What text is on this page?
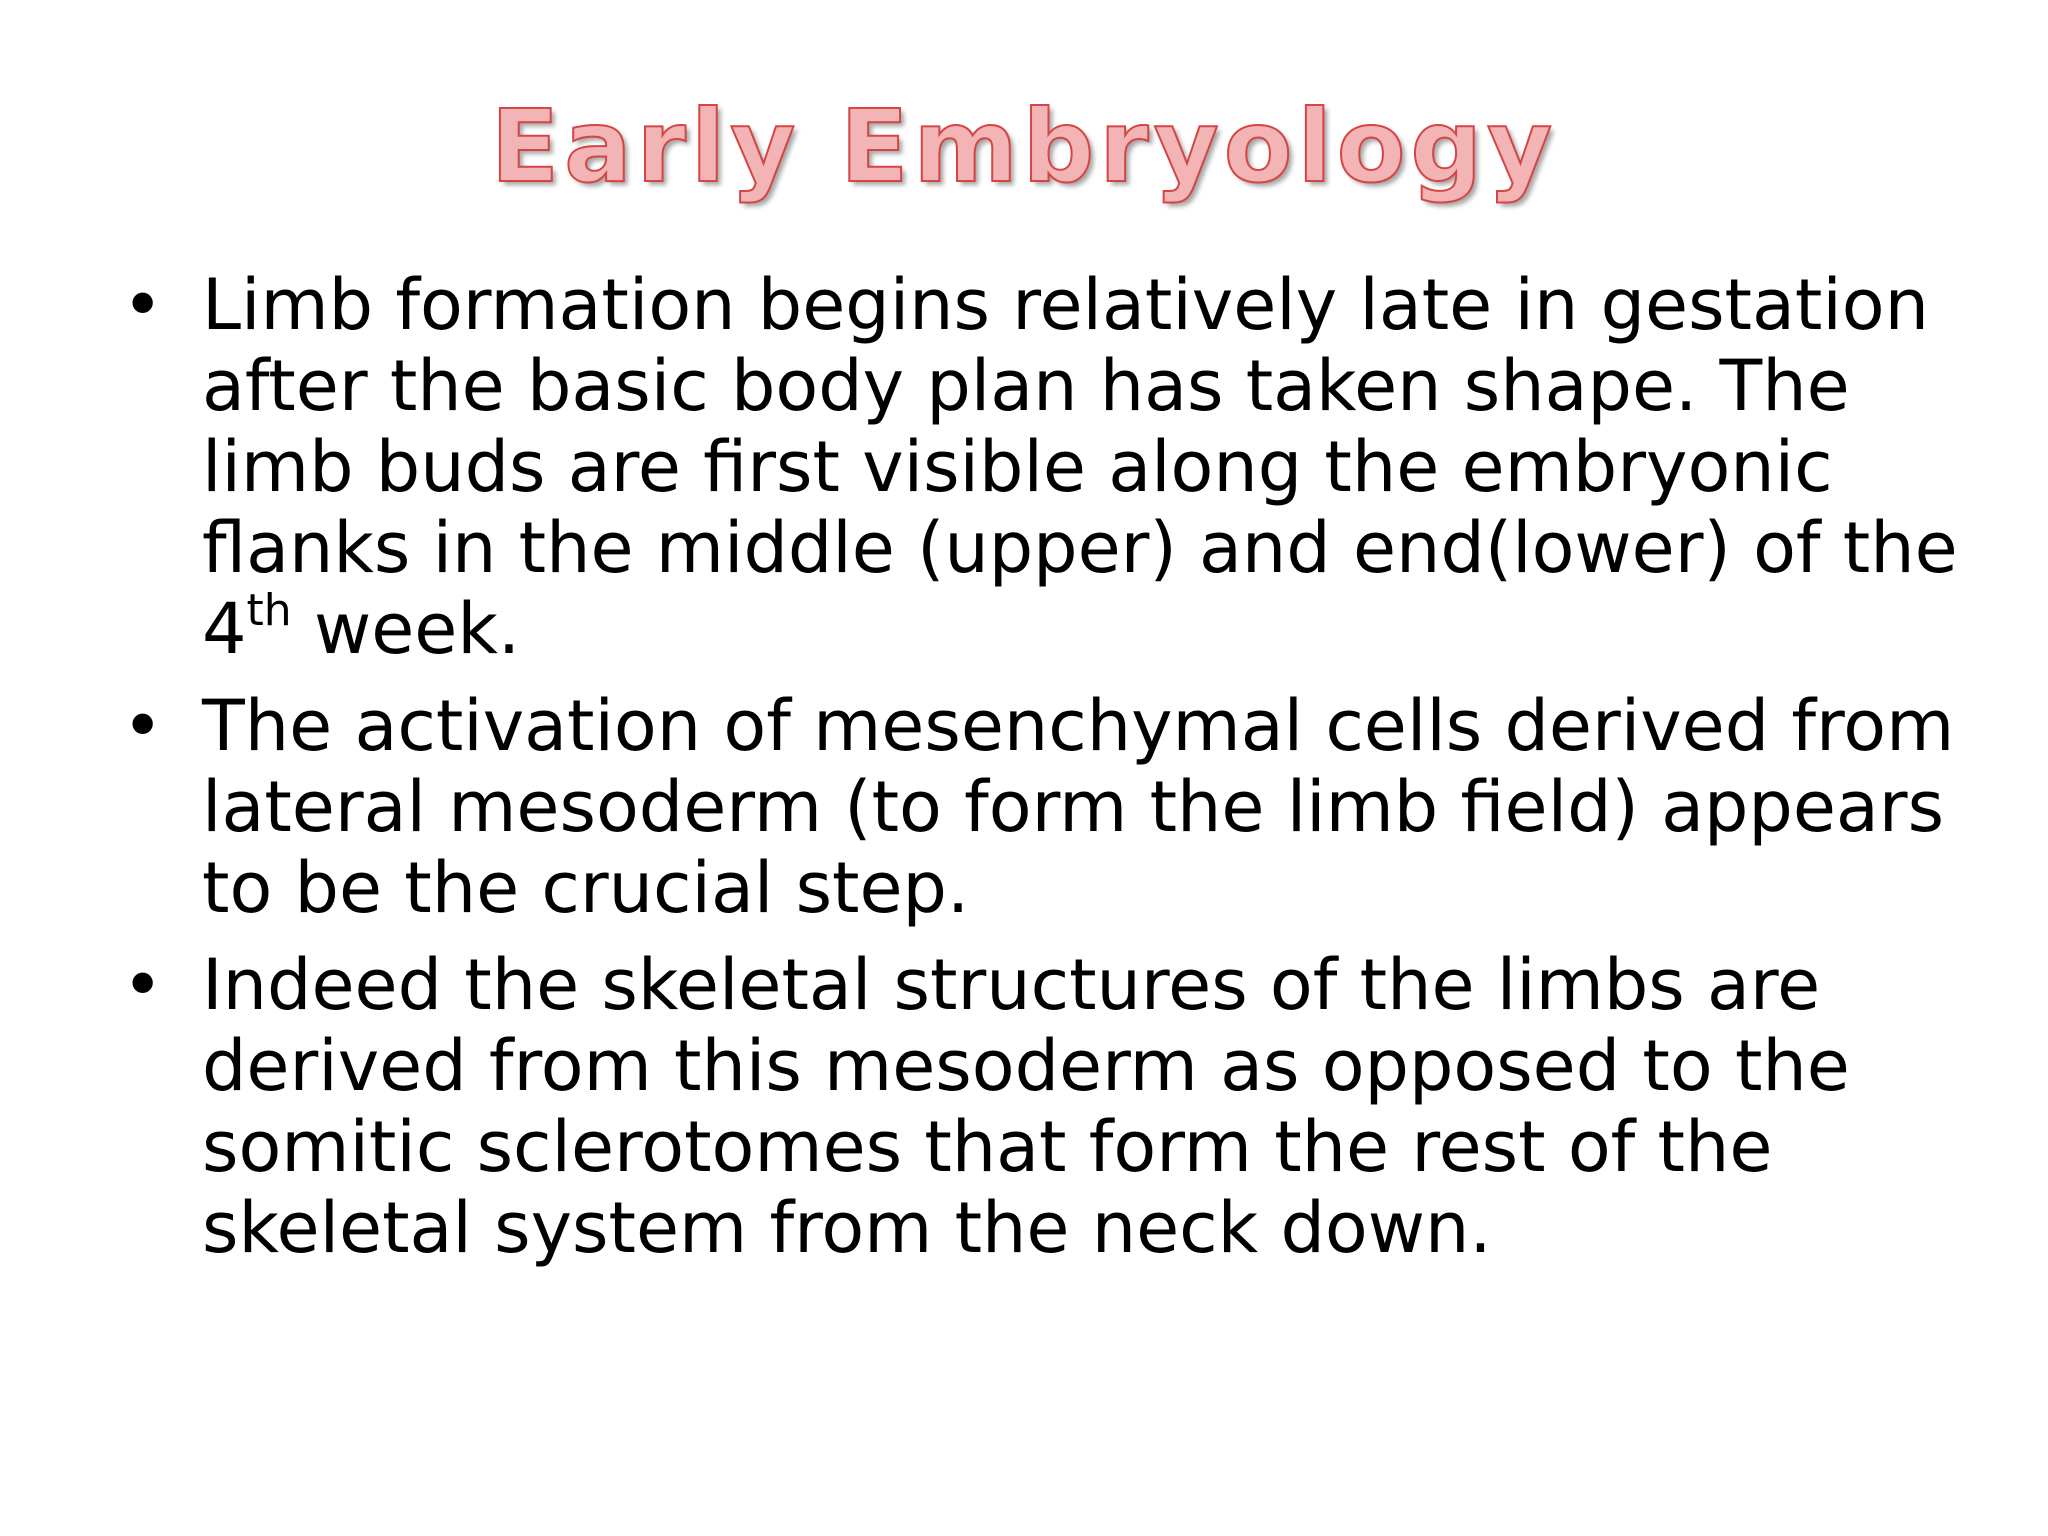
Early Embryology
• Limb formation begins relatively late in gestation after the basic body plan has taken shape. The limb buds are first visible along the embryonic flanks in the middle (upper) and end(lower) of the 4th week.
• The activation of mesenchymal cells derived from lateral mesoderm (to form the limb field) appears to be the crucial step.
• Indeed the skeletal structures of the limbs are derived from this mesoderm as opposed to the somitic sclerotomes that form the rest of the skeletal system from the neck down.
